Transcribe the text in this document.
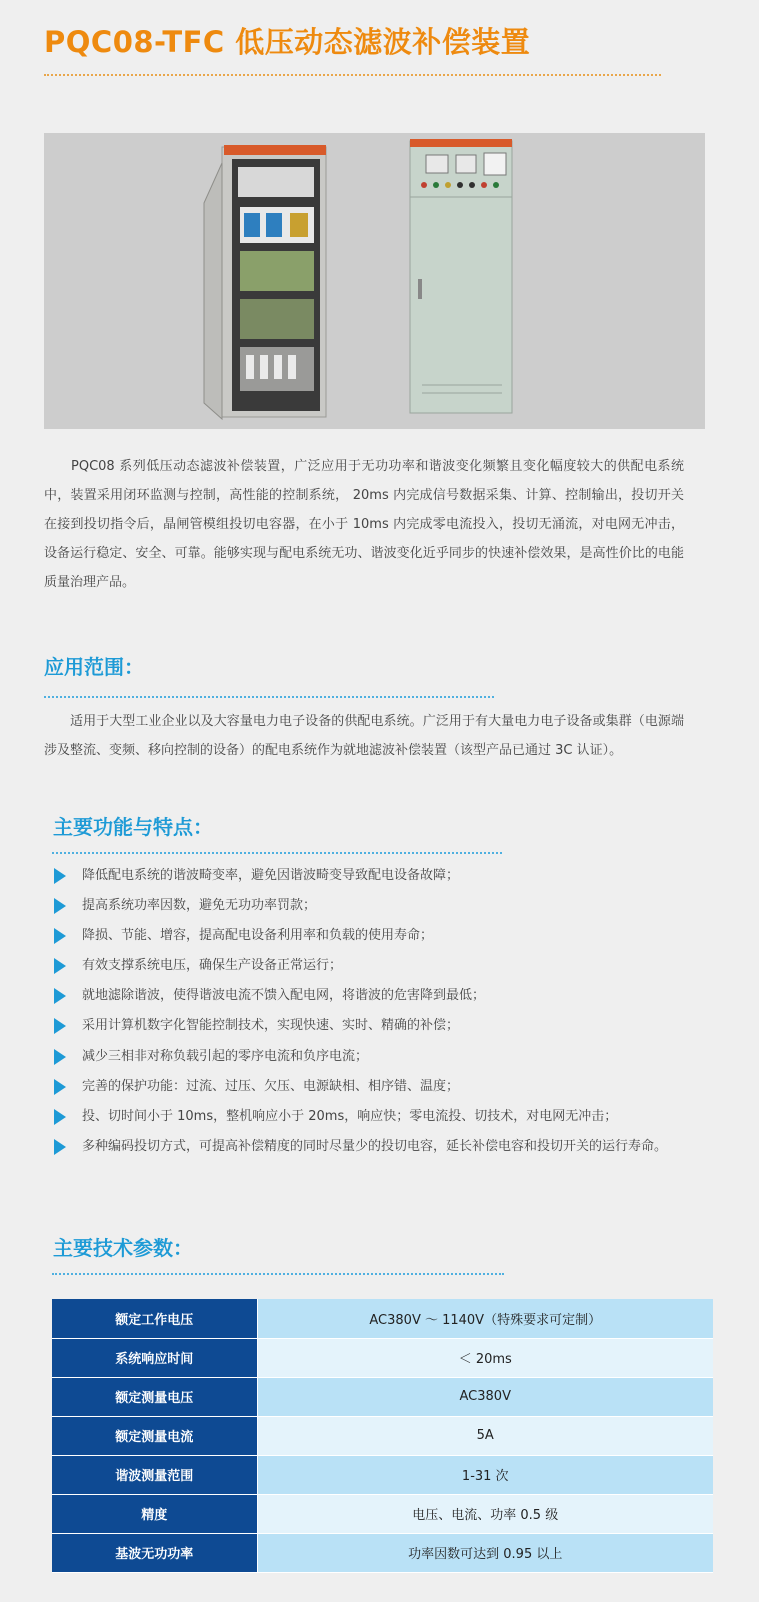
PQC08-TFC 低压动态滤波补偿装置

PQC08 系列低压动态滤波补偿装置，广泛应用于无功功率和谐波变化频繁且变化幅度较大的供配电系统中，装置采用闭环监测与控制，高性能的控制系统， 20ms 内完成信号数据采集、计算、控制输出，投切开关在接到投切指令后，晶闸管模组投切电容器，在小于 10ms 内完成零电流投入，投切无涌流，对电网无冲击，设备运行稳定、安全、可靠。能够实现与配电系统无功、谐波变化近乎同步的快速补偿效果，是高性价比的电能质量治理产品。

应用范围：

适用于大型工业企业以及大容量电力电子设备的供配电系统。广泛用于有大量电力电子设备或集群（电源端涉及整流、变频、移向控制的设备）的配电系统作为就地滤波补偿装置（该型产品已通过 3C 认证）。

主要功能与特点：
降低配电系统的谐波畸变率，避免因谐波畸变导致配电设备故障；
提高系统功率因数，避免无功功率罚款；
降损、节能、增容，提高配电设备利用率和负载的使用寿命；
有效支撑系统电压，确保生产设备正常运行；
就地滤除谐波，使得谐波电流不馈入配电网，将谐波的危害降到最低；
采用计算机数字化智能控制技术，实现快速、实时、精确的补偿；
减少三相非对称负载引起的零序电流和负序电流；
完善的保护功能：过流、过压、欠压、电源缺相、相序错、温度；
投、切时间小于 10ms，整机响应小于 20ms，响应快；零电流投、切技术，对电网无冲击；
多种编码投切方式，可提高补偿精度的同时尽量少的投切电容，延长补偿电容和投切开关的运行寿命。
主要技术参数：
额定工作电压	AC380V ～ 1140V（特殊要求可定制）
系统响应时间	＜ 20ms
额定测量电压	AC380V
额定测量电流	5A
谐波测量范围	1-31 次
精度	电压、电流、功率 0.5 级
基波无功功率	功率因数可达到 0.95 以上
